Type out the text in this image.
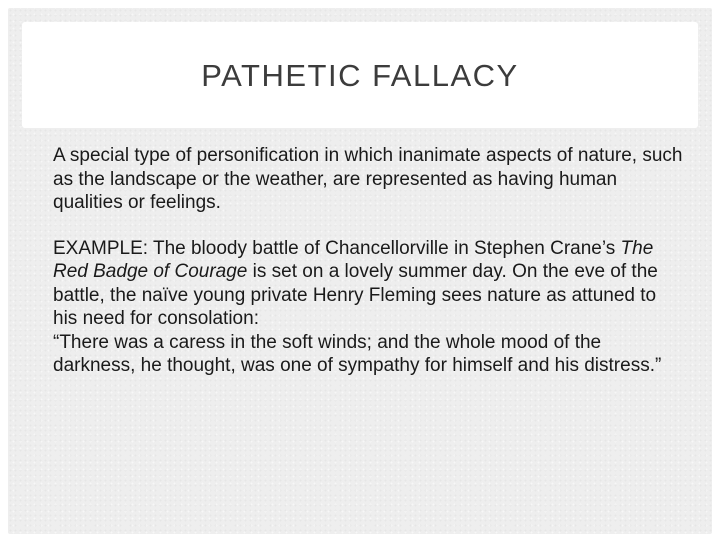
PATHETIC FALLACY

A special type of personification in which inanimate aspects of nature, such as the landscape or the weather, are represented as having human qualities or feelings.

EXAMPLE: The bloody battle of Chancellorville in Stephen Crane’s The Red Badge of Courage is set on a lovely summer day. On the eve of the battle, the naïve young private Henry Fleming sees nature as attuned to his need for consolation:
“There was a caress in the soft winds; and the whole mood of the darkness, he thought, was one of sympathy for himself and his distress.”
